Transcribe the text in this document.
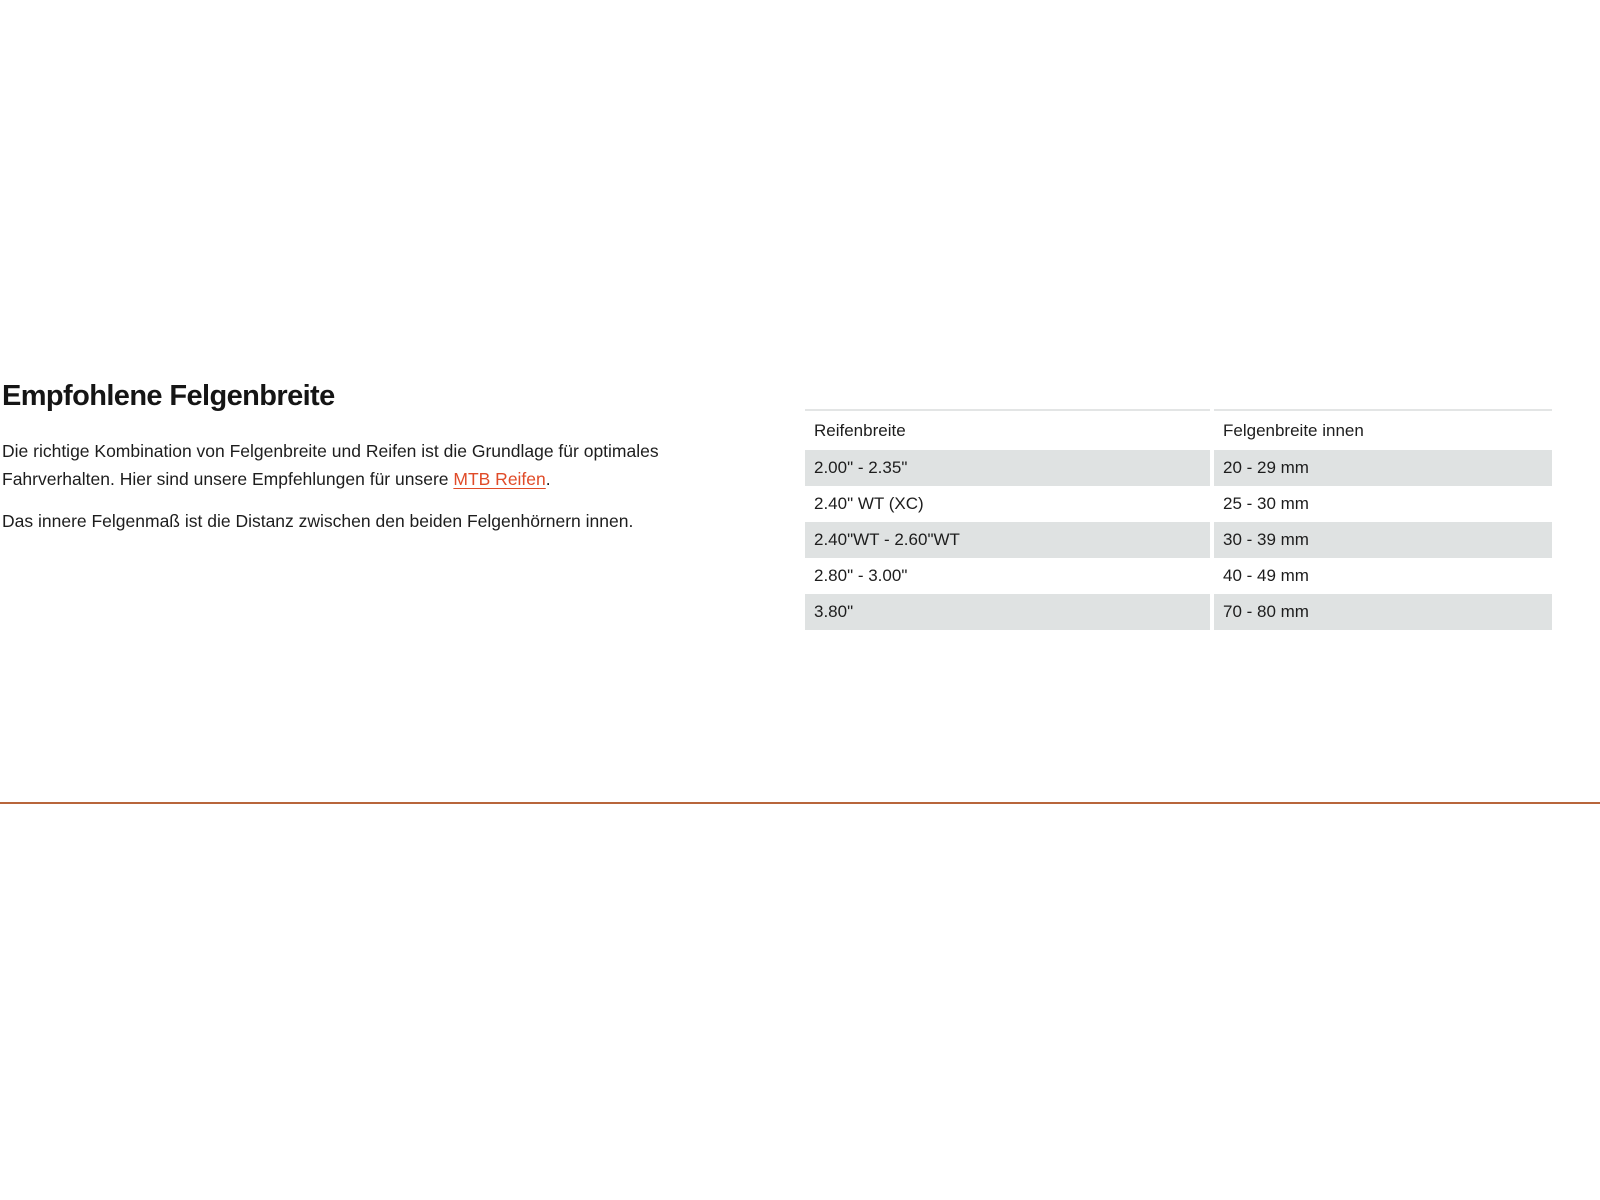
Empfohlene Felgenbreite

Die richtige Kombination von Felgenbreite und Reifen ist die Grundlage für optimales Fahrverhalten. Hier sind unsere Empfehlungen für unsere MTB Reifen.

Das innere Felgenmaß ist die Distanz zwischen den beiden Felgenhörnern innen.

Reifenbreite	Felgenbreite innen
2.00" - 2.35"	20 - 29 mm
2.40" WT (XC)	25 - 30 mm
2.40"WT - 2.60"WT	30 - 39 mm
2.80" - 3.00"	40 - 49 mm
3.80"	70 - 80 mm
